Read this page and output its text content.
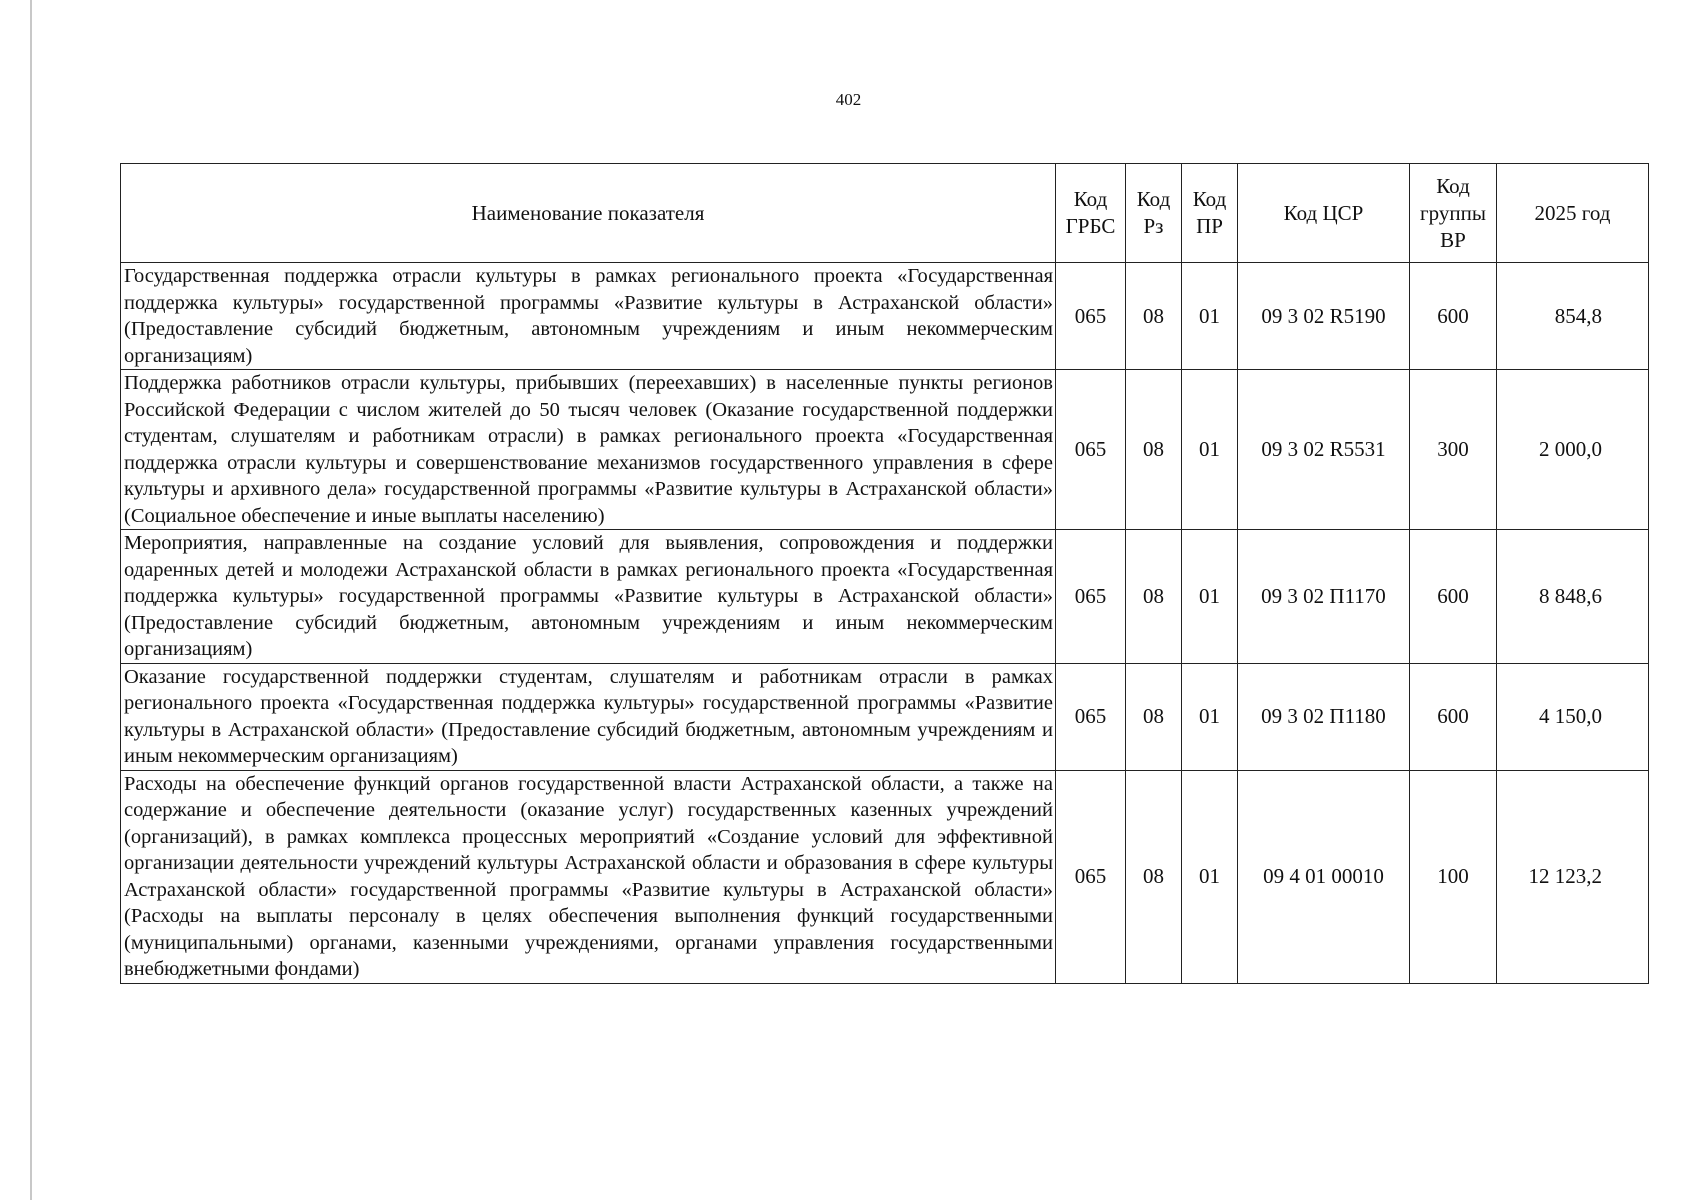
402
Наименование показателя	Код ГРБС	Код Рз	Код ПР	Код ЦСР	Код группы ВР	2025 год
Государственная поддержка отрасли культуры в рамках регионального проекта «Государственная поддержка культуры» государственной программы «Развитие культуры в Астраханской области» (Предоставление субсидий бюджетным, автономным учреждениям и иным некоммерческим организациям)	065	08	01	09 3 02 R5190	600	854,8
Поддержка работников отрасли культуры, прибывших (переехавших) в населенные пункты регионов Российской Федерации с числом жителей до 50 тысяч человек (Оказание государственной поддержки студентам, слушателям и работникам отрасли) в рамках регионального проекта «Государственная поддержка отрасли культуры и совершенствование механизмов государственного управления в сфере культуры и архивного дела» государственной программы «Развитие культуры в Астраханской области» (Социальное обеспечение и иные выплаты населению)	065	08	01	09 3 02 R5531	300	2 000,0
Мероприятия, направленные на создание условий для выявления, сопровождения и поддержки одаренных детей и молодежи Астраханской области в рамках регионального проекта «Государственная поддержка культуры» государственной программы «Развитие культуры в Астраханской области» (Предоставление субсидий бюджетным, автономным учреждениям и иным некоммерческим организациям)	065	08	01	09 3 02 П1170	600	8 848,6
Оказание государственной поддержки студентам, слушателям и работникам отрасли в рамках регионального проекта «Государственная поддержка культуры» государственной программы «Развитие культуры в Астраханской области» (Предоставление субсидий бюджетным, автономным учреждениям и иным некоммерческим организациям)	065	08	01	09 3 02 П1180	600	4 150,0
Расходы на обеспечение функций органов государственной власти Астраханской области, а также на содержание и обеспечение деятельности (оказание услуг) государственных казенных учреждений (организаций), в рамках комплекса процессных мероприятий «Создание условий для эффективной организации деятельности учреждений культуры Астраханской области и образования в сфере культуры Астраханской области» государственной программы «Развитие культуры в Астраханской области» (Расходы на выплаты персоналу в целях обеспечения выполнения функций государственными (муниципальными) органами, казенными учреждениями, органами управления государственными внебюджетными фондами)	065	08	01	09 4 01 00010	100	12 123,2
